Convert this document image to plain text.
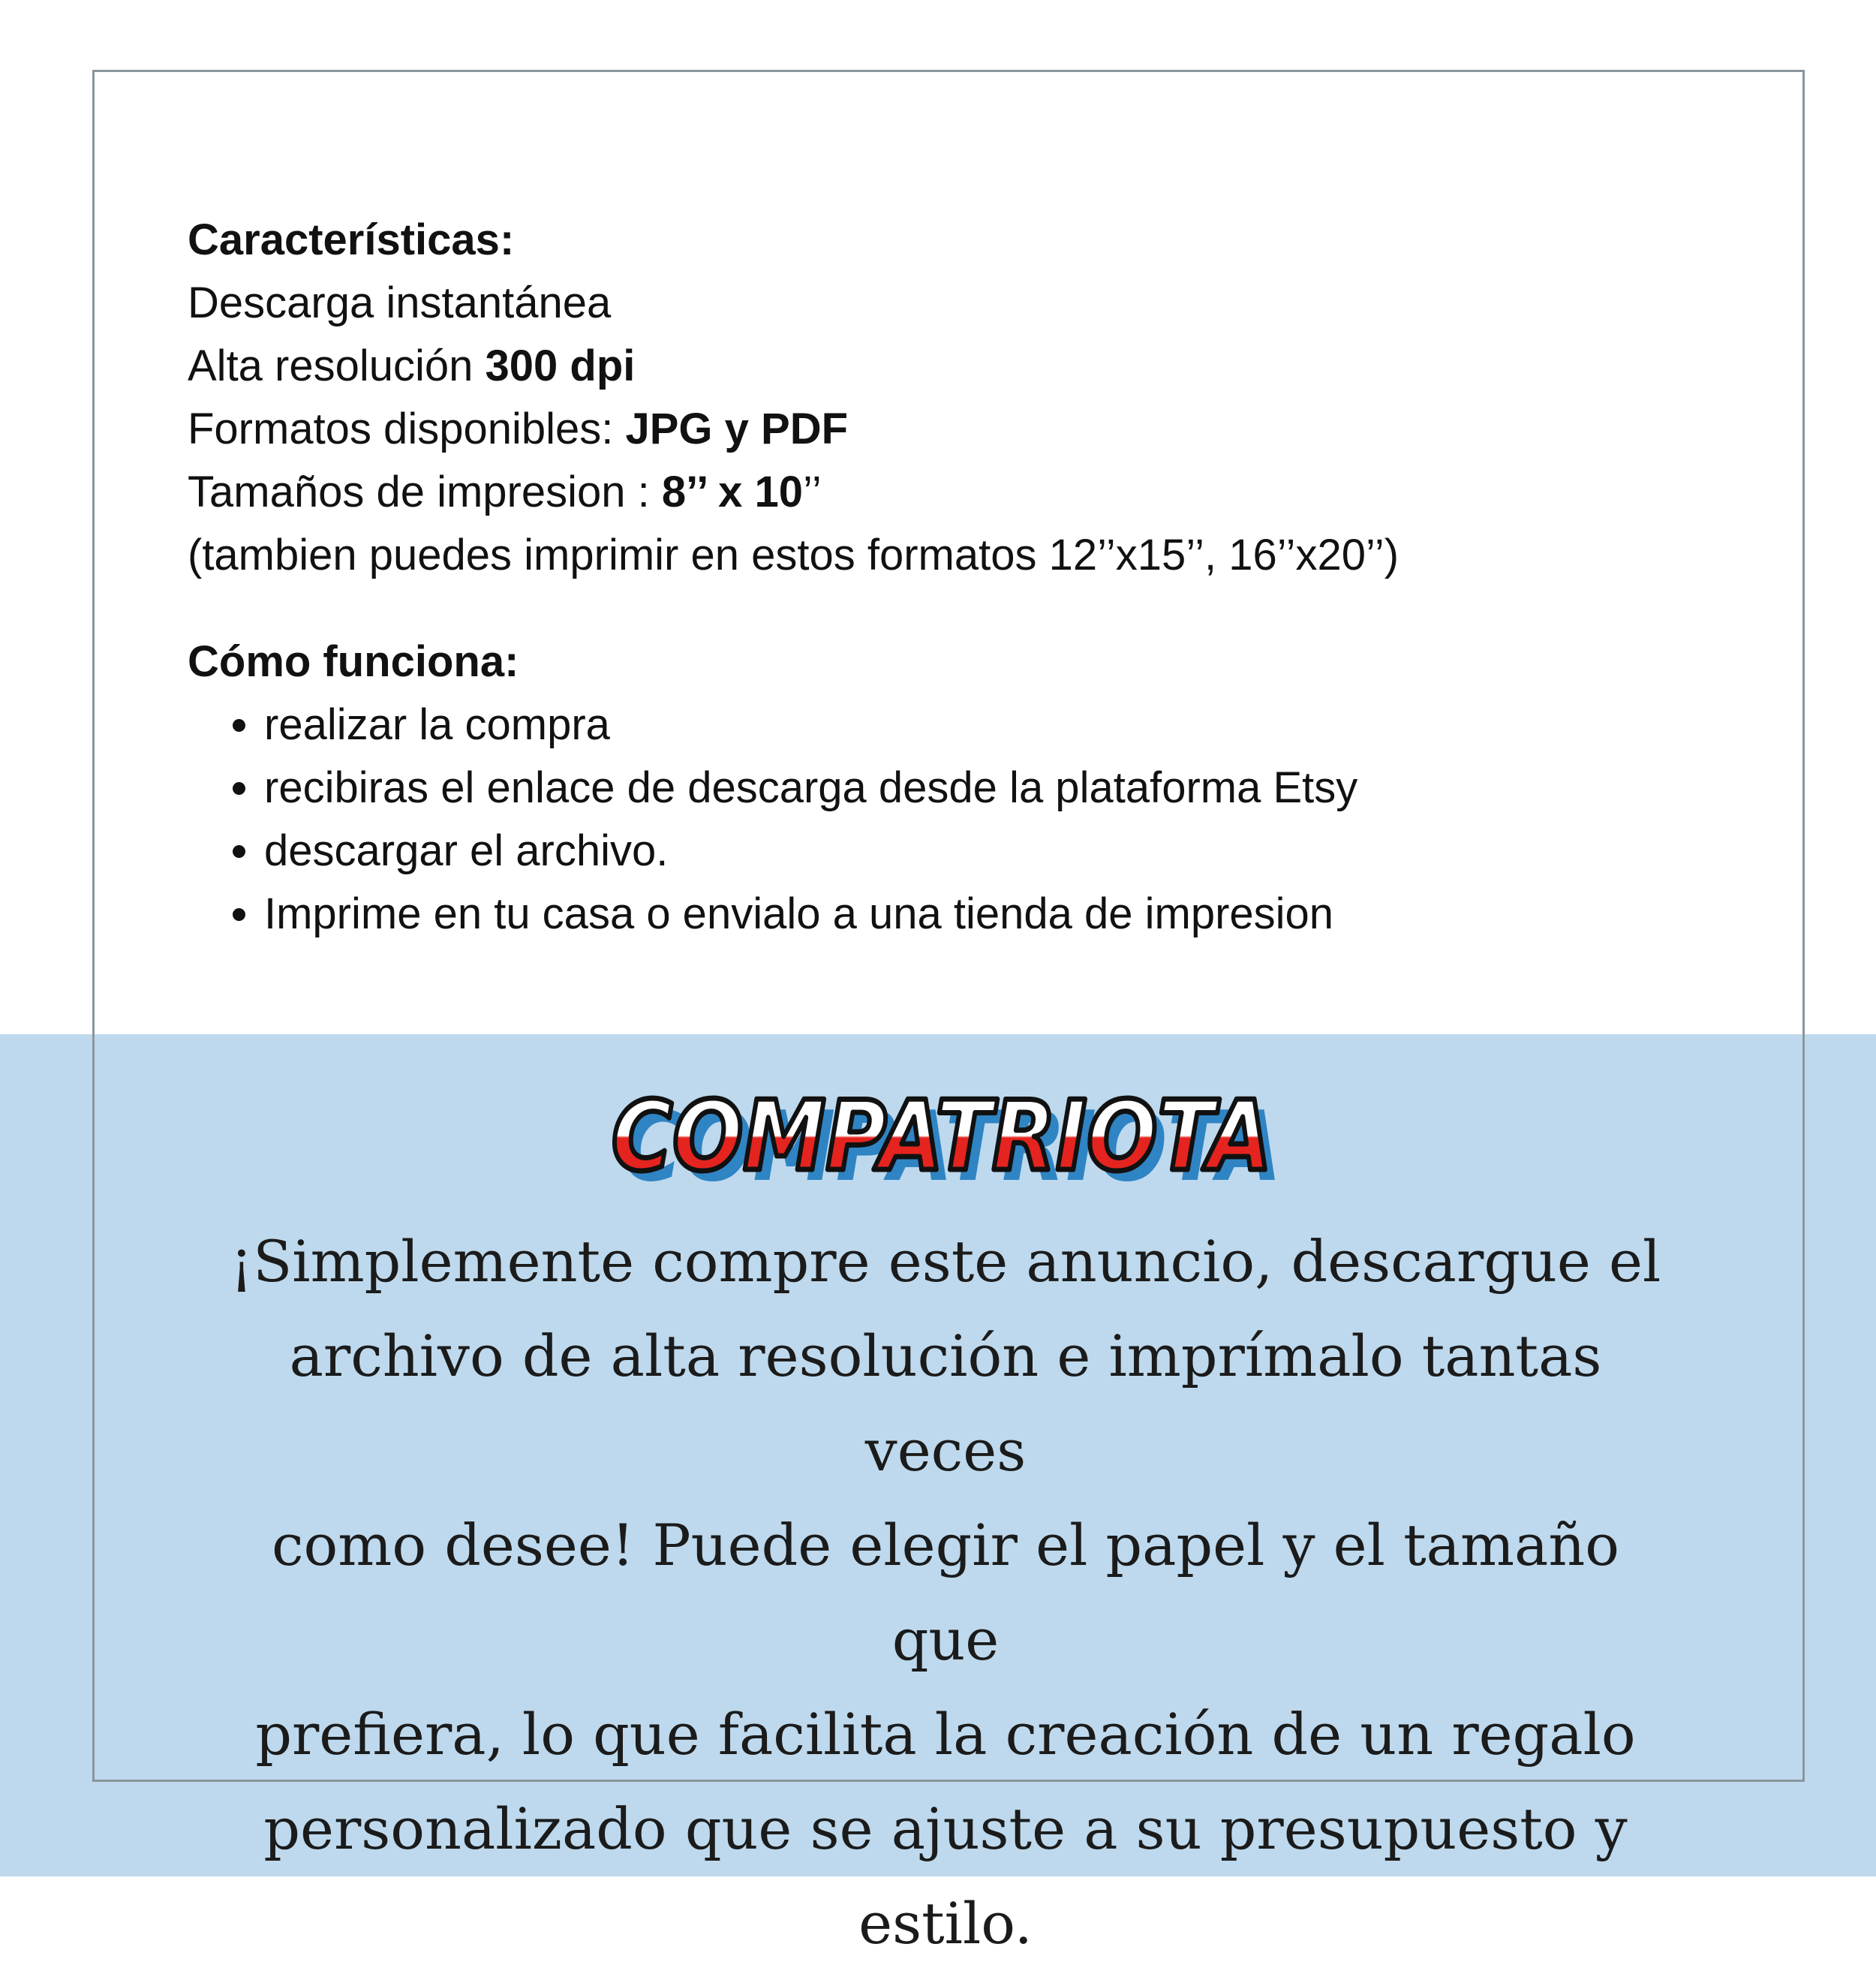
Características:
Descarga instantánea
Alta resolución 300 dpi
Formatos disponibles: JPG y PDF
Tamaños de impresion : 8’’ x 10’’
(tambien puedes imprimir en estos formatos 12’’x15’’, 16’’x20’’)
Cómo funciona:
realizar la compra
recibiras el enlace de descarga desde la plataforma Etsy
descargar el archivo.
Imprime en tu casa o envialo a una tienda de impresion
COMPATRIOTA
COMPATRIOTA
¡Simplemente compre este anuncio, descargue el
archivo de alta resolución e imprímalo tantas veces
como desee! Puede elegir el papel y el tamaño que
prefiera, lo que facilita la creación de un regalo
personalizado que se ajuste a su presupuesto y estilo.
